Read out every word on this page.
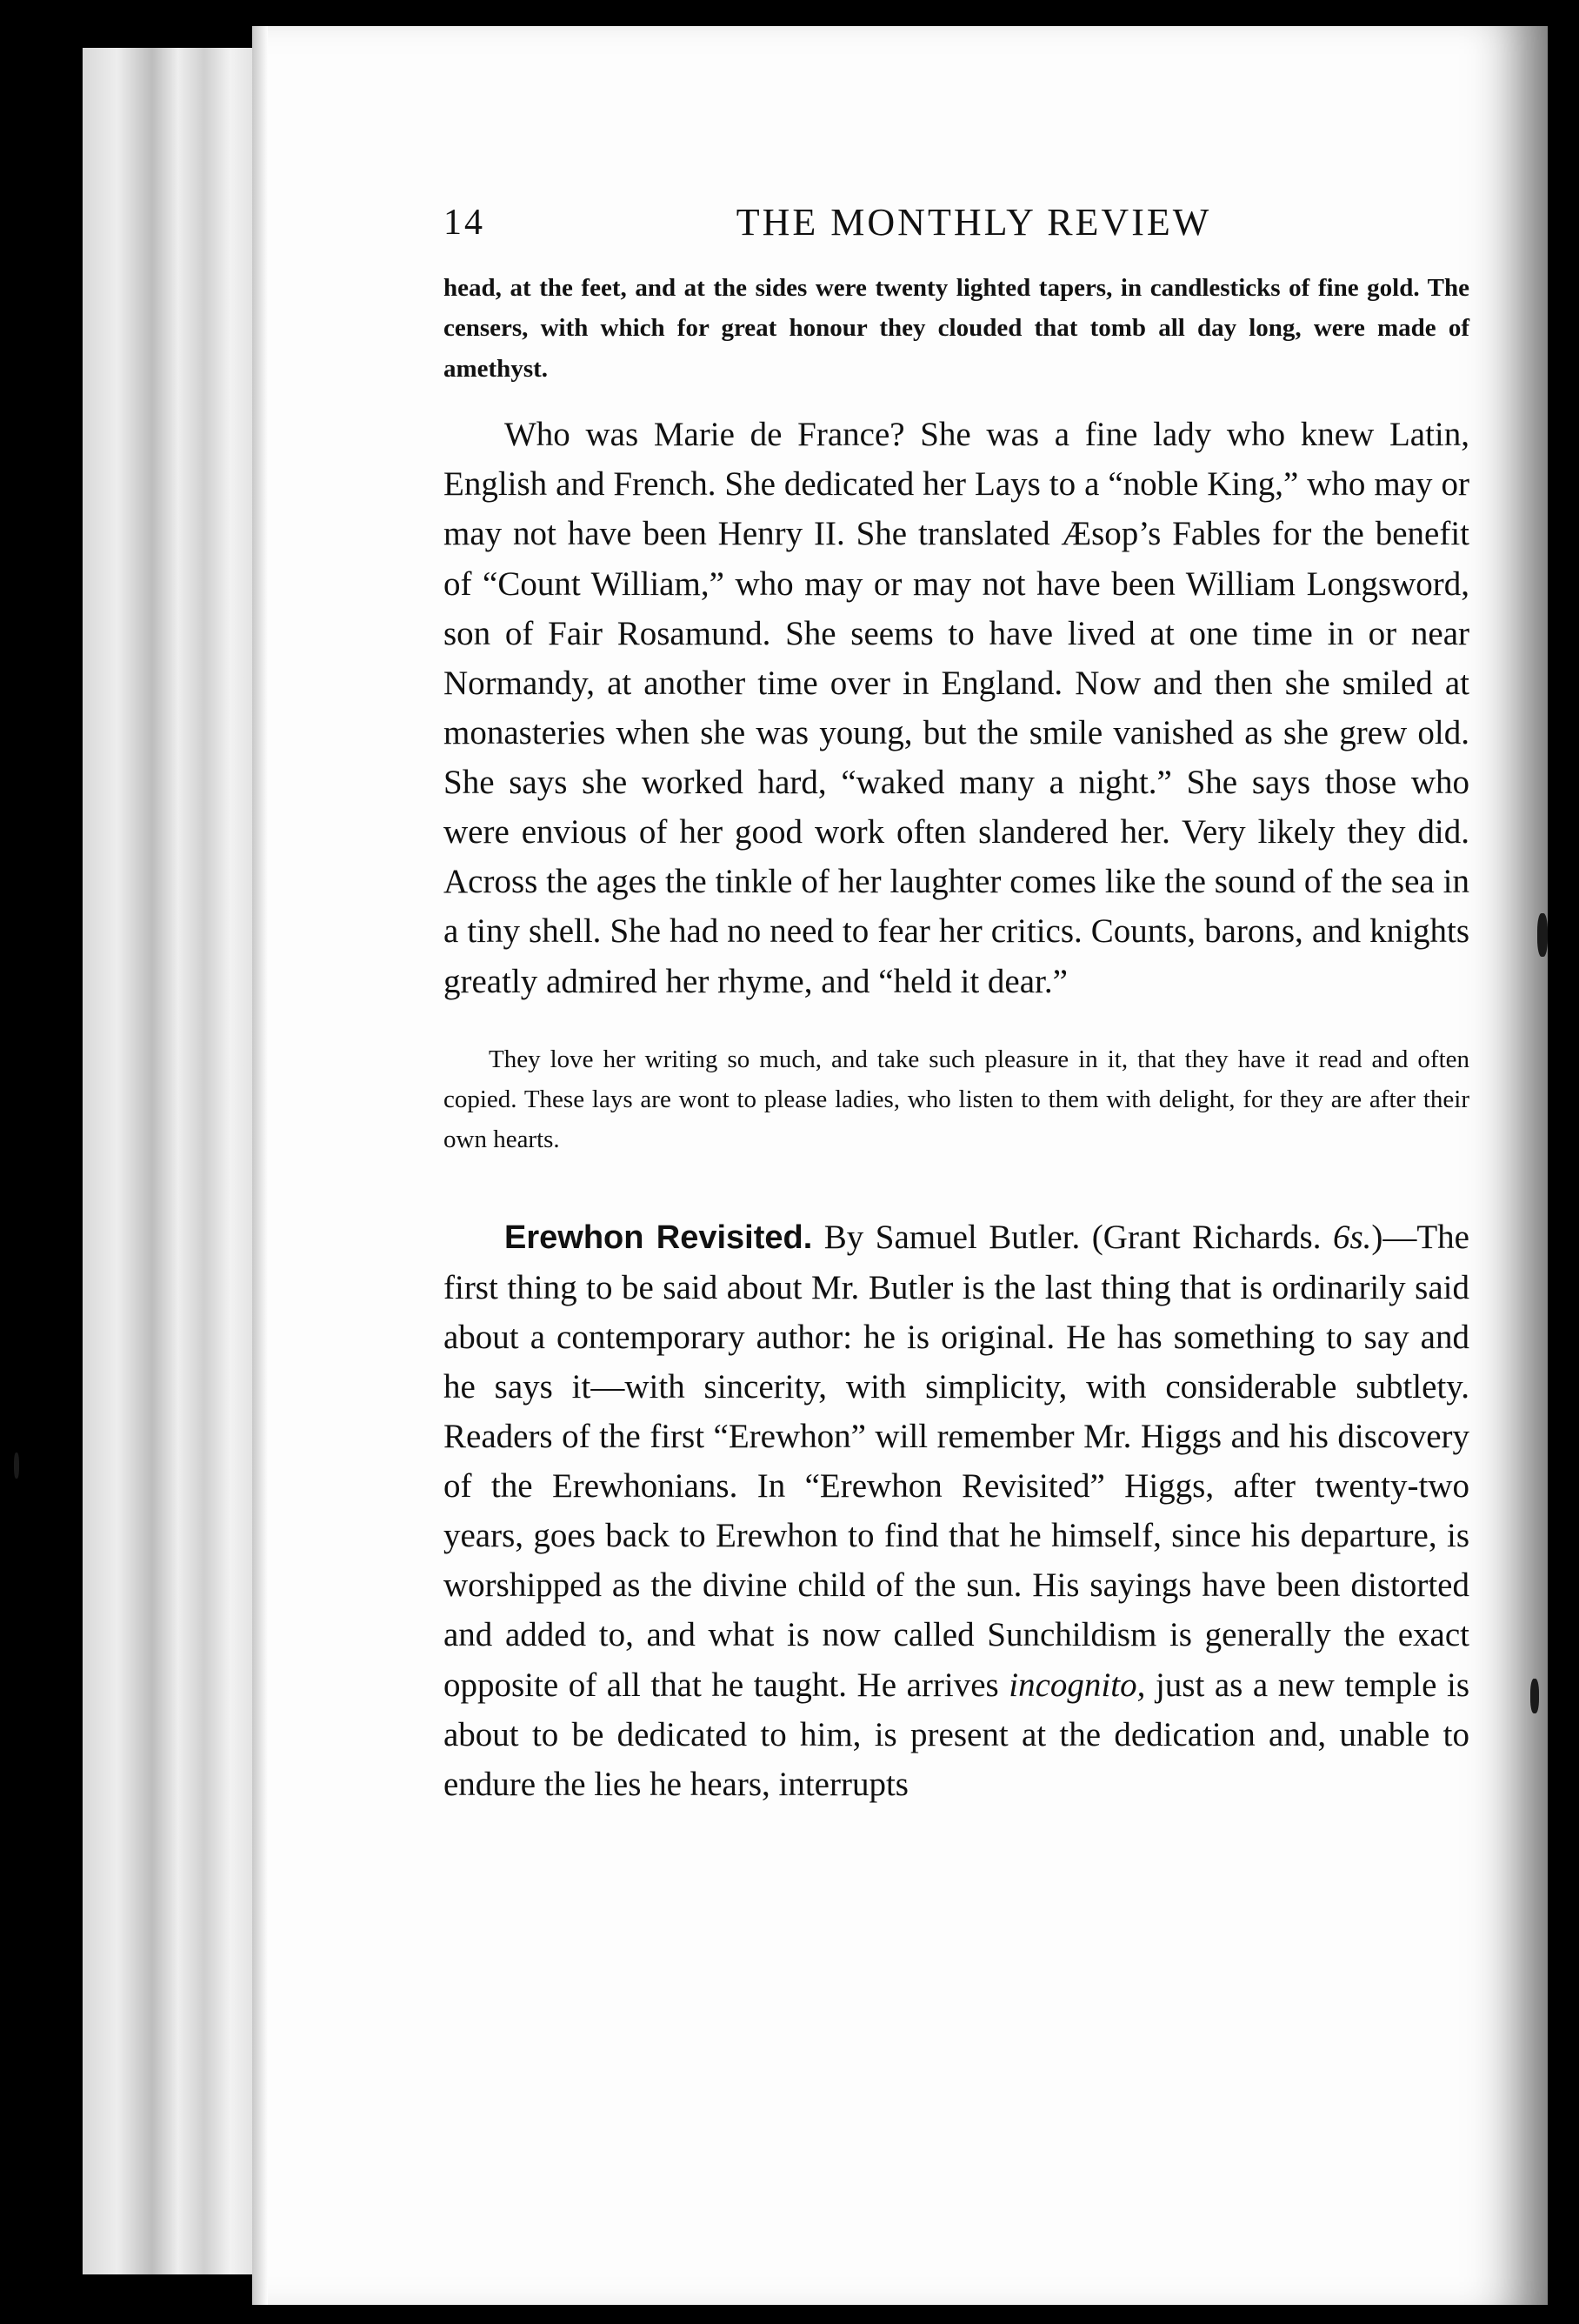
14	THE MONTHLY REVIEW

head, at the feet, and at the sides were twenty lighted tapers, in candlesticks of fine gold. The censers, with which for great honour they clouded that tomb all day long, were made of amethyst.

Who was Marie de France? She was a fine lady who knew Latin, English and French. She dedicated her Lays to a “noble King,” who may or may not have been Henry II. She translated Æsop’s Fables for the benefit of “Count William,” who may or may not have been William Longsword, son of Fair Rosamund. She seems to have lived at one time in or near Normandy, at another time over in England. Now and then she smiled at monasteries when she was young, but the smile vanished as she grew old. She says she worked hard, “waked many a night.” She says those who were envious of her good work often slandered her. Very likely they did. Across the ages the tinkle of her laughter comes like the sound of the sea in a tiny shell. She had no need to fear her critics. Counts, barons, and knights greatly admired her rhyme, and “held it dear.”

They love her writing so much, and take such pleasure in it, that they have it read and often copied. These lays are wont to please ladies, who listen to them with delight, for they are after their own hearts.

Erewhon Revisited. By Samuel Butler. (Grant Richards. 6s.)—The first thing to be said about Mr. Butler is the last thing that is ordinarily said about a contemporary author: he is original. He has something to say and he says it—with sincerity, with simplicity, with considerable subtlety. Readers of the first “Erewhon” will remember Mr. Higgs and his discovery of the Erewhonians. In “Erewhon Revisited” Higgs, after twenty-two years, goes back to Erewhon to find that he himself, since his departure, is worshipped as the divine child of the sun. His sayings have been distorted and added to, and what is now called Sunchildism is generally the exact opposite of all that he taught. He arrives incognito, just as a new temple is about to be dedicated to him, is present at the dedication and, unable to endure the lies he hears, interrupts
